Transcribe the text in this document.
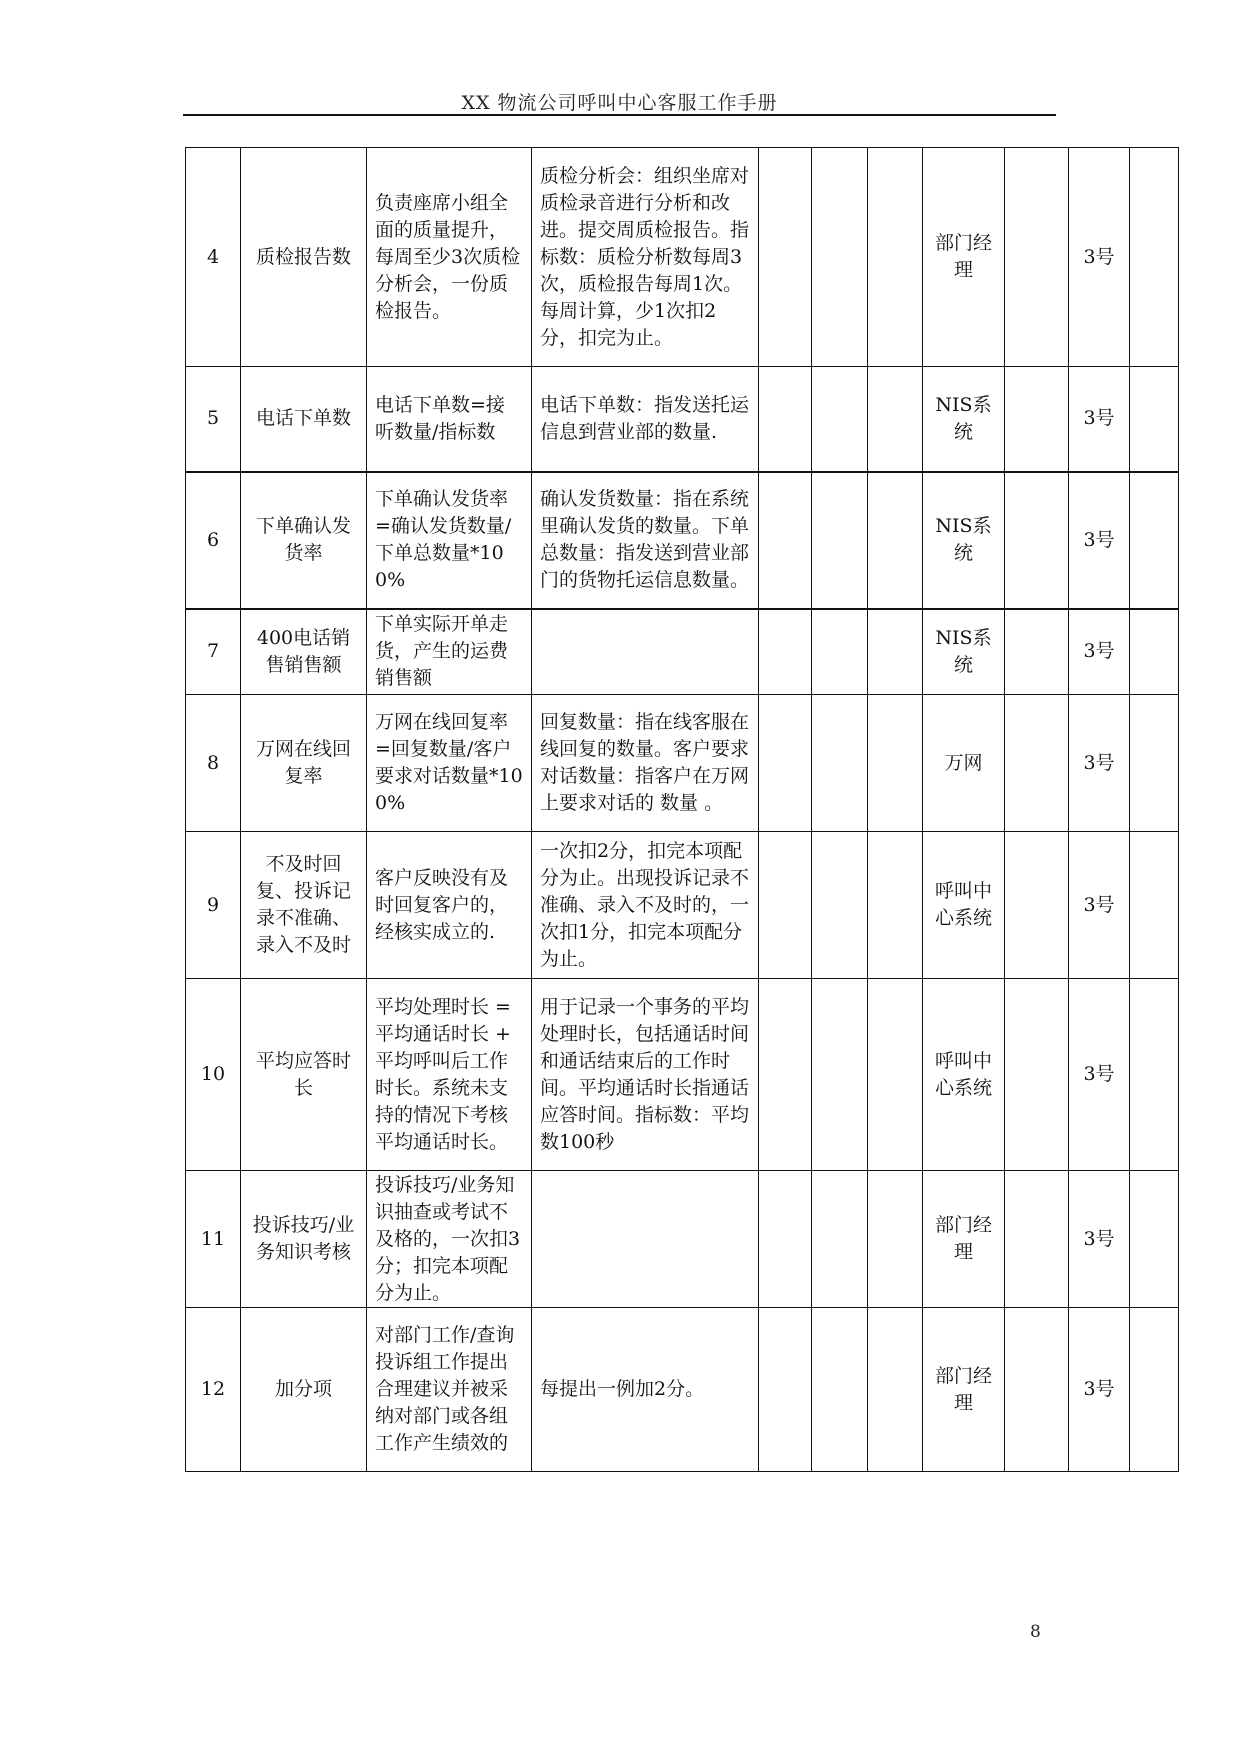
XX 物流公司呼叫中心客服工作手册
4	质检报告数	负责座席小组全面的质量提升，每周至少3次质检分析会，一份质检报告。	质检分析会：组织坐席对质检录音进行分析和改进。提交周质检报告。指标数：质检分析数每周3次，质检报告每周1次。 每周计算，少1次扣2分，扣完为止。				部门经理		3号	
5	电话下单数	电话下单数=接听数量/指标数	电话下单数：指发送托运信息到营业部的数量.				NIS系统		3号	
6	下单确认发货率	下单确认发货率=确认发货数量/下单总数量*100%	确认发货数量：指在系统里确认发货的数量。下单总数量：指发送到营业部门的货物托运信息数量。				NIS系统		3号	
7	400电话销售销售额	下单实际开单走货，产生的运费销售额					NIS系统		3号	
8	万网在线回复率	万网在线回复率=回复数量/客户要求对话数量*100%	回复数量：指在线客服在线回复的数量。客户要求对话数量：指客户在万网上要求对话的 数量 。				万网		3号	
9	不及时回复、投诉记录不准确、录入不及时	客户反映没有及时回复客户的，经核实成立的.	一次扣2分，扣完本项配分为止。出现投诉记录不准确、录入不及时的，一次扣1分，扣完本项配分为止。				呼叫中心系统		3号	
10	平均应答时长	平均处理时长 = 平均通话时长 + 平均呼叫后工作时长。系统未支持的情况下考核平均通话时长。	用于记录一个事务的平均处理时长，包括通话时间和通话结束后的工作时间。平均通话时长指通话应答时间。指标数：平均数100秒				呼叫中心系统		3号	
11	投诉技巧/业务知识考核	投诉技巧/业务知识抽查或考试不及格的，一次扣3分；扣完本项配分为止。					部门经理		3号	
12	加分项	对部门工作/查询投诉组工作提出合理建议并被采纳对部门或各组工作产生绩效的	每提出一例加2分。				部门经理		3号	
8
